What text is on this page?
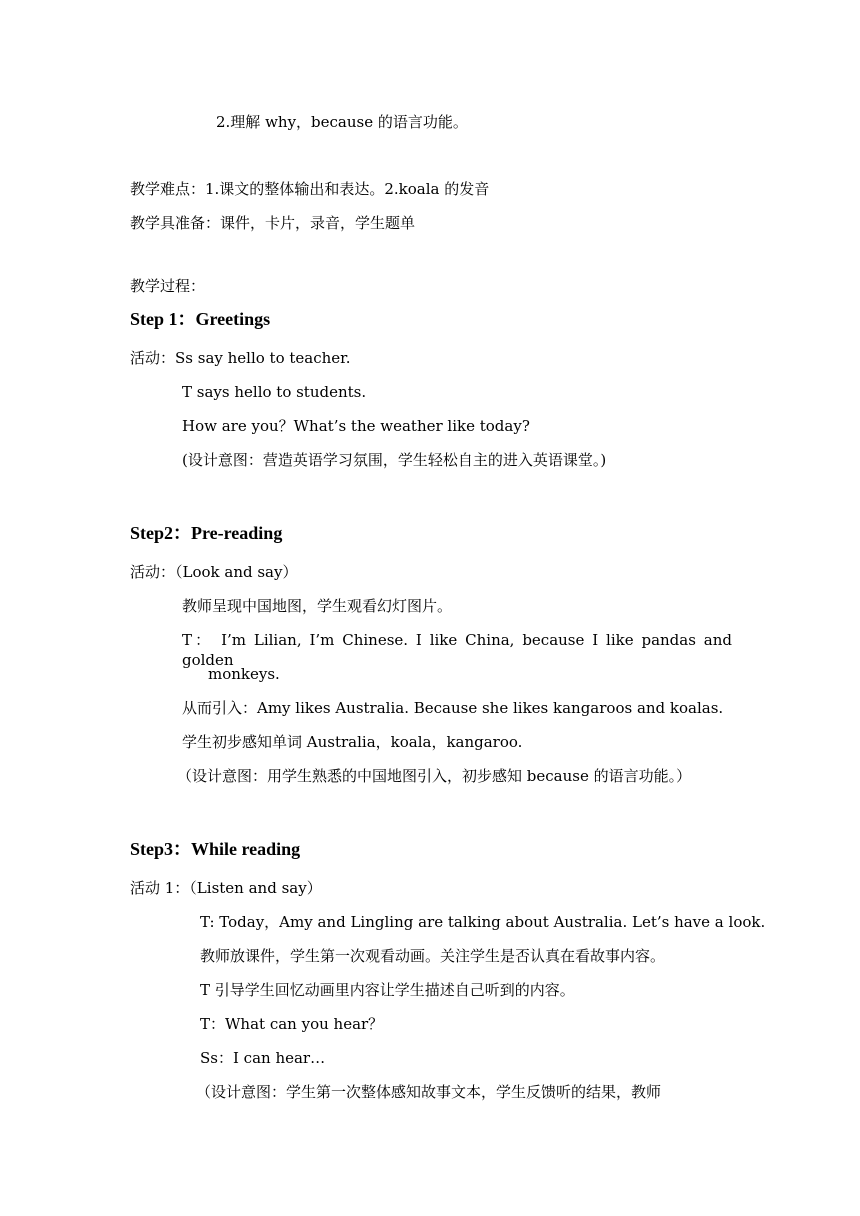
2.理解 why，because 的语言功能。
教学难点：1.课文的整体输出和表达。2.koala 的发音
教学具准备：课件，卡片，录音，学生题单
教学过程：
Step 1：Greetings
活动：Ss say hello to teacher.
T says hello to students.
How are you？What’s the weather like today?
(设计意图：营造英语学习氛围，学生轻松自主的进入英语课堂。)
Step2：Pre-reading
活动：（Look and say）
教师呈现中国地图，学生观看幻灯图片。
T： I’m Lilian, I’m Chinese. I like China, because I like pandas and golden
monkeys.
从而引入：Amy likes Australia. Because she likes kangaroos and koalas.
学生初步感知单词 Australia，koala，kangaroo.
（设计意图：用学生熟悉的中国地图引入，初步感知 because 的语言功能。）
Step3：While reading
活动 1：（Listen and say）
T: Today，Amy and Lingling are talking about Australia. Let’s have a look.
教师放课件，学生第一次观看动画。关注学生是否认真在看故事内容。
T 引导学生回忆动画里内容让学生描述自己听到的内容。
T：What can you hear？
Ss：I can hear…
（设计意图：学生第一次整体感知故事文本，学生反馈听的结果，教师
